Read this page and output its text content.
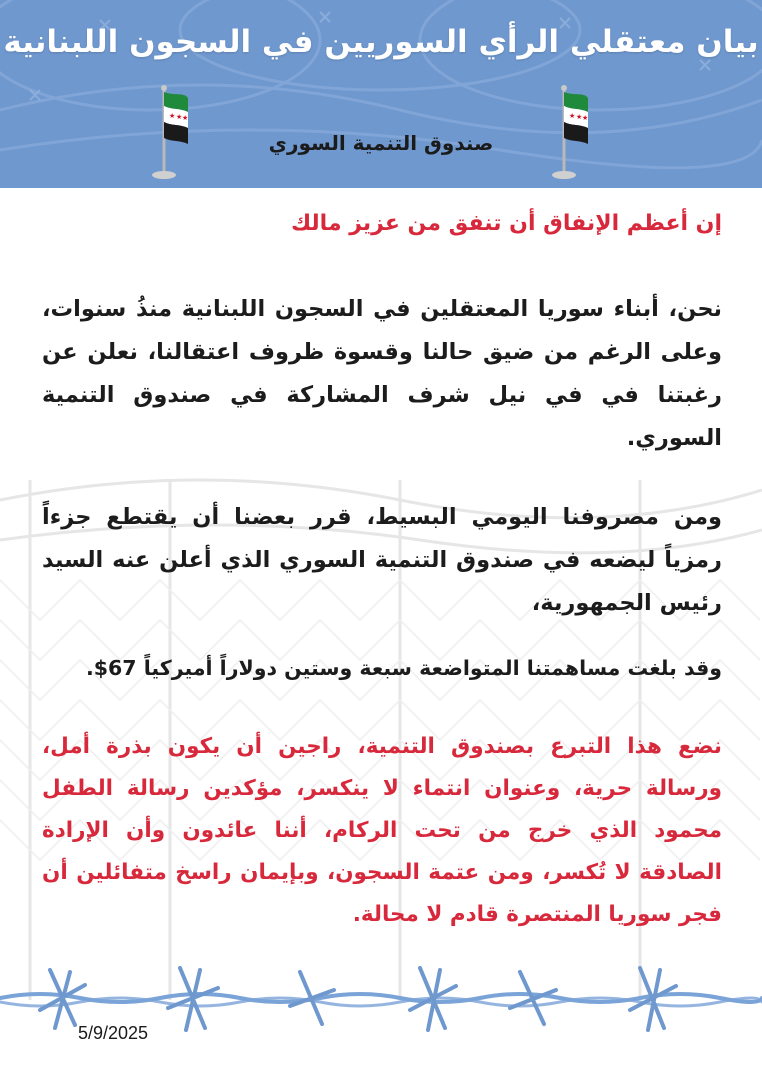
بيان معتقلي الرأي السوريين في السجون اللبنانية
★ ★ ★	★ ★ ★
صندوق التنمية السوري

إن أعظم الإنفاق أن تنفق من عزيز مالك

نحن، أبناء سوريا المعتقلين في السجون اللبنانية منذُ سنوات، وعلى الرغم من ضيق حالنا وقسوة ظروف اعتقالنا، نعلن عن رغبتنا في في نيل شرف المشاركة في صندوق التنمية السوري.

ومن مصروفنا اليومي البسيط، قرر بعضنا أن يقتطع جزءاً رمزياً ليضعه في صندوق التنمية السوري الذي أعلن عنه السيد رئيس الجمهورية،

وقد بلغت مساهمتنا المتواضعة سبعة وستين دولاراً أميركياً 67$.

نضع هذا التبرع بصندوق التنمية، راجين أن يكون بذرة أمل، ورسالة حرية، وعنوان انتماء لا ينكسر، مؤكدين رسالة الطفل محمود الذي خرج من تحت الركام، أننا عائدون وأن الإرادة الصادقة لا تُكسر، ومن عتمة السجون، وبإيمان راسخ متفائلين أن فجر سوريا المنتصرة قادم لا محالة.

5/9/2025
